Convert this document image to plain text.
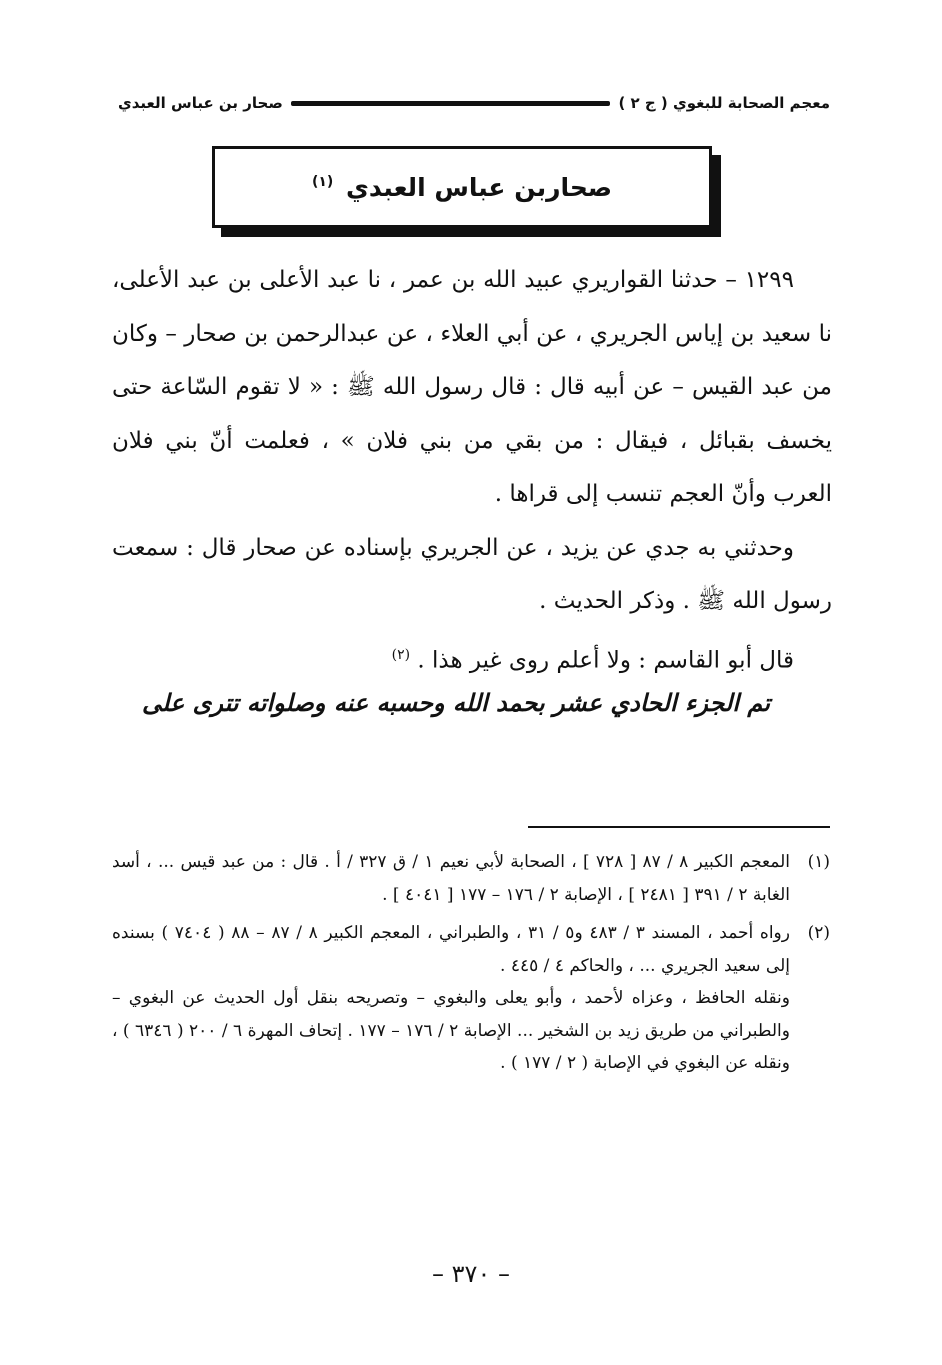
معجم الصحابة للبغوي ( ج ٢ )
صحار بن عباس العبدي
صحاربن عباس العبدي $^{(١)}$

١٢٩٩ – حدثنا القواريري عبيد الله بن عمر ، نا عبد الأعلى بن عبد الأعلى، نا سعيد بن إياس الجريري ، عن أبي العلاء ، عن عبدالرحمن بن صحار – وكان من عبد القيس – عن أبيه قال : قال رسول الله ﷺ : « لا تقوم السّاعة حتى يخسف بقبائل ، فيقال : من بقي من بني فلان » ، فعلمت أنّ بني فلان العرب وأنّ العجم تنسب إلى قراها .

وحدثني به جدي عن يزيد ، عن الجريري بإسناده عن صحار قال : سمعت رسول الله ﷺ . وذكر الحديث .

قال أبو القاسم : ولا أعلم روى غير هذا . $^{(٢)}$

تم الجزء الحادي عشر بحمد الله وحسبه عنه وصلواته تترى على
(١)

المعجم الكبير ٨ / ٨٧ [ ٧٢٨ ] ، الصحابة لأبي نعيم ١ / ق ٣٢٧ / أ . قال : من عبد قيس ... ، أسد الغابة ٢ / ٣٩١ [ ٢٤٨١ ] ، الإصابة ٢ / ١٧٦ – ١٧٧ [ ٤٠٤١ ] .

(٢)

رواه أحمد ، المسند ٣ / ٤٨٣ و٥ / ٣١ ، والطبراني ، المعجم الكبير ٨ / ٨٧ – ٨٨ ( ٧٤٠٤ ) بسنده إلى سعيد الجريري ... ، والحاكم ٤ / ٤٤٥ .

ونقله الحافظ ، وعزاه لأحمد ، وأبو يعلى والبغوي – وتصريحه بنقل أول الحديث عن البغوي – والطبراني من طريق زيد بن الشخير ... الإصابة ٢ / ١٧٦ – ١٧٧ . إتحاف المهرة ٦ / ٢٠٠ ( ٦٣٤٦ ) ، ونقله عن البغوي في الإصابة ( ٢ / ١٧٧ ) .

– ٣٧٠ –
